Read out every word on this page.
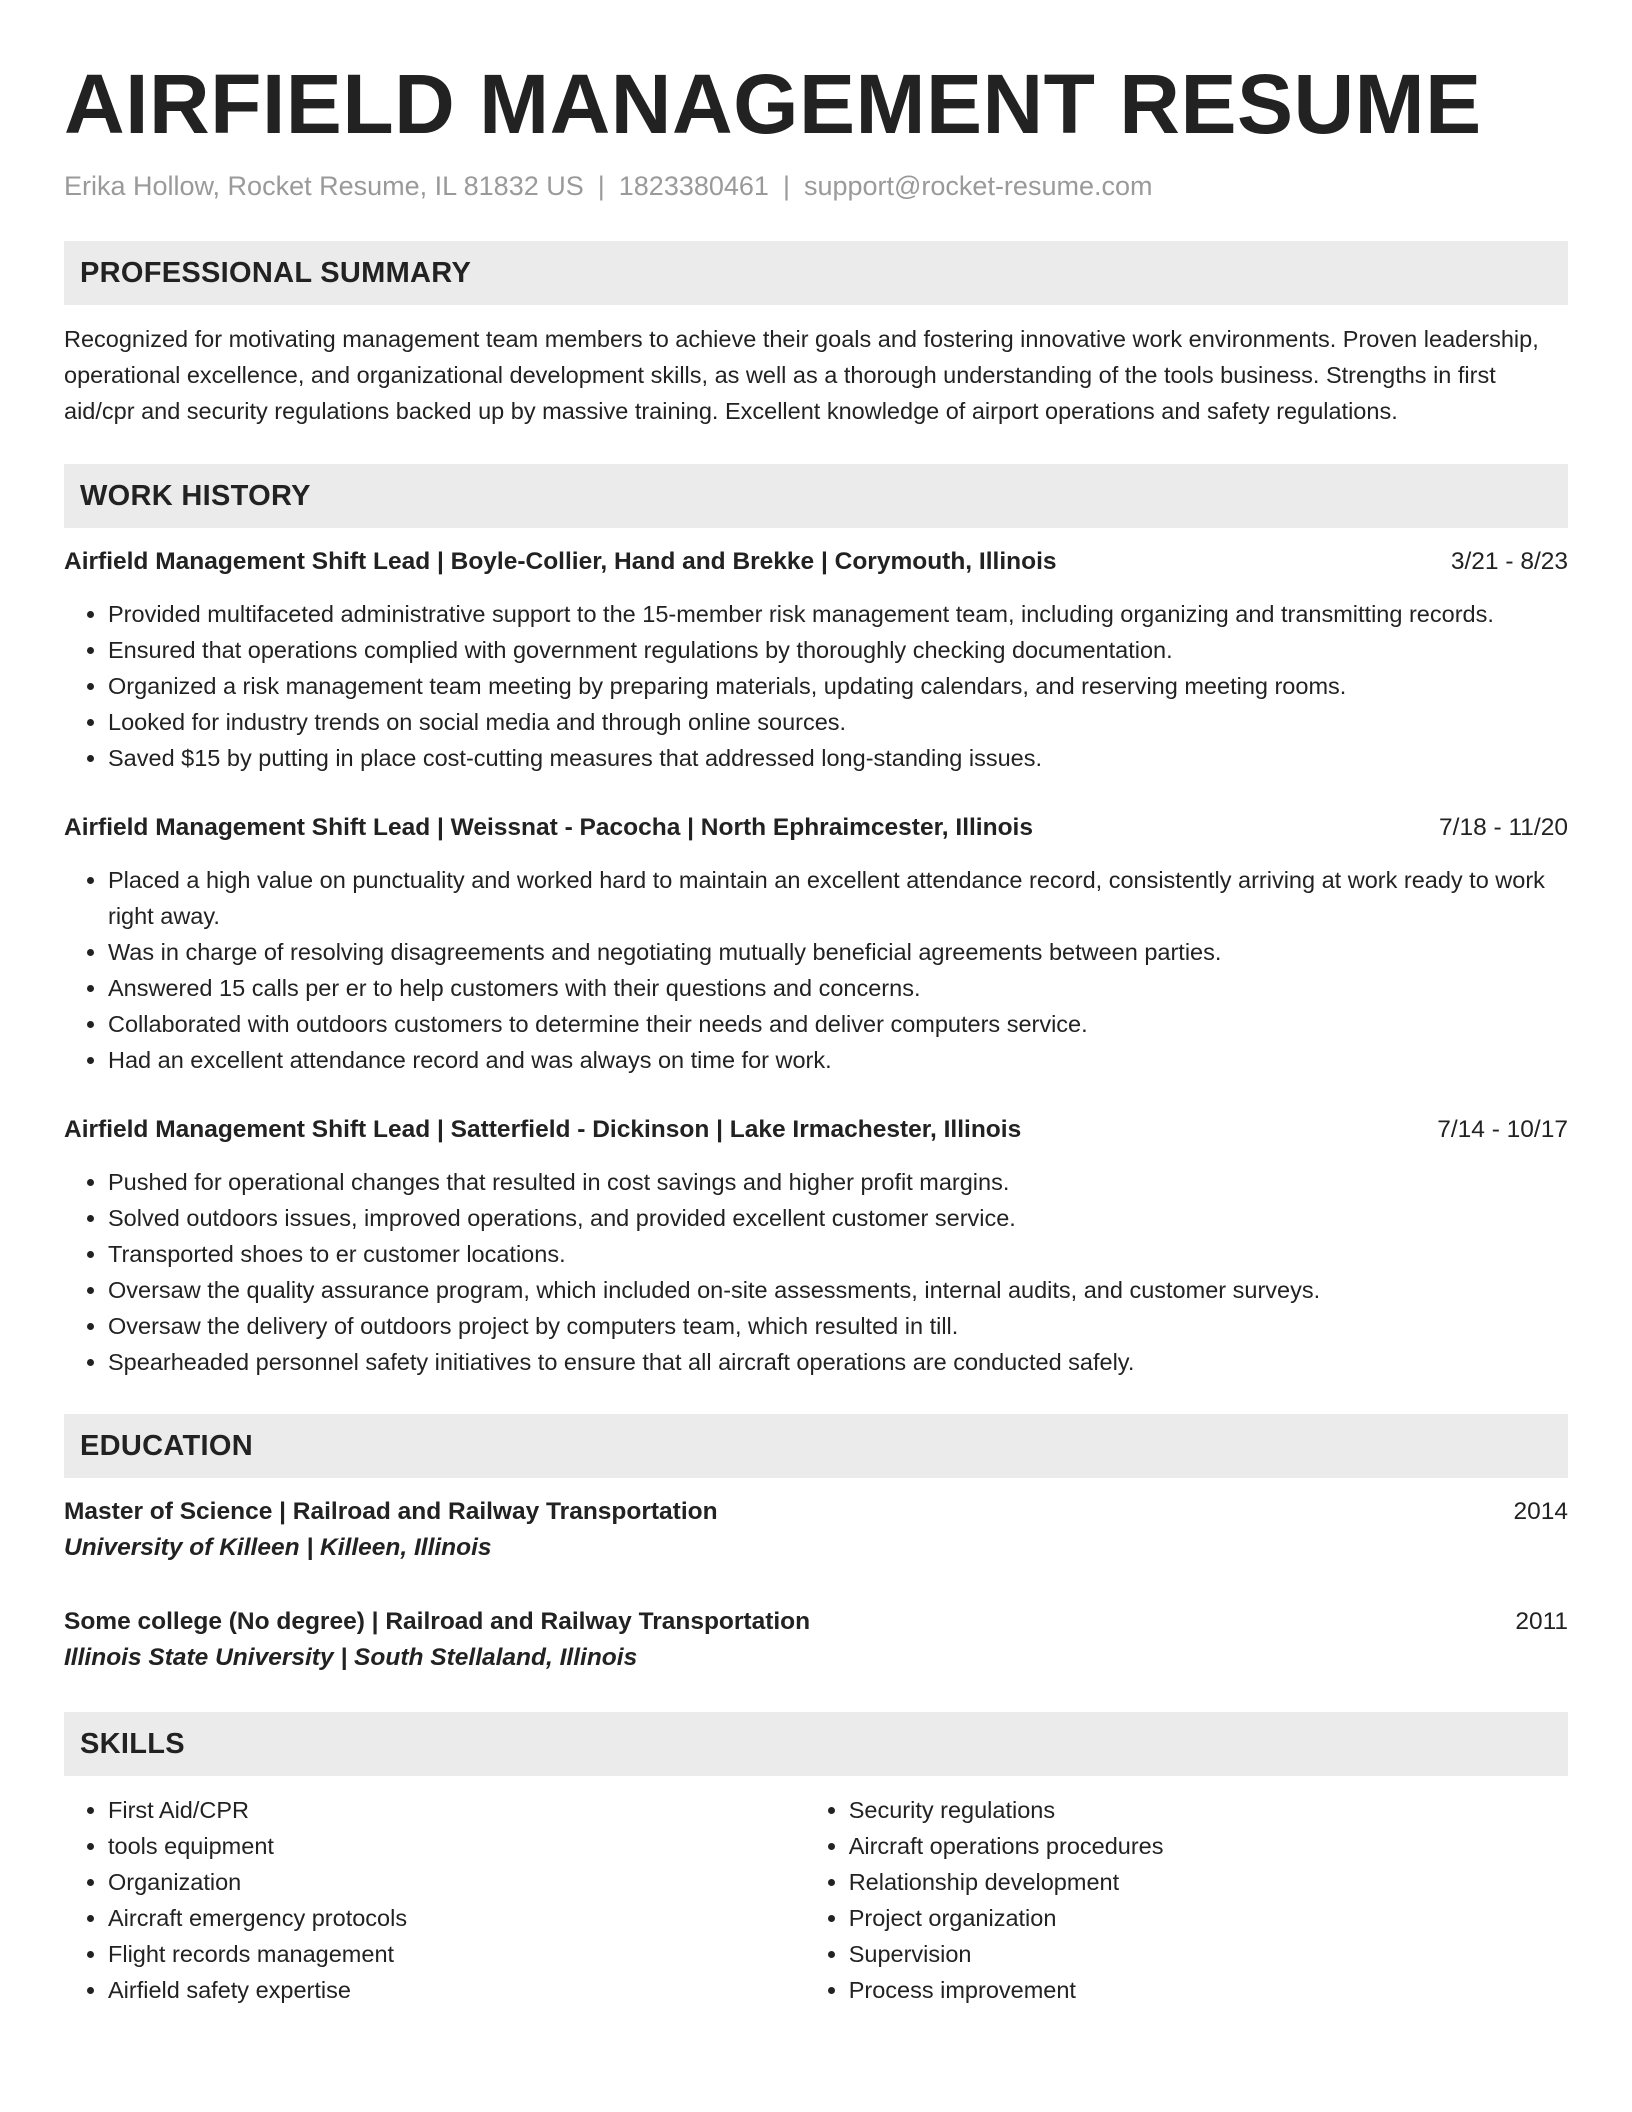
AIRFIELD MANAGEMENT RESUME
Erika Hollow, Rocket Resume, IL 81832 US | 1823380461 | support@rocket-resume.com
PROFESSIONAL SUMMARY
Recognized for motivating management team members to achieve their goals and fostering innovative work environments. Proven leadership, operational excellence, and organizational development skills, as well as a thorough understanding of the tools business. Strengths in first aid/cpr and security regulations backed up by massive training. Excellent knowledge of airport operations and safety regulations.
WORK HISTORY
Airfield Management Shift Lead | Boyle-Collier, Hand and Brekke | Corymouth, Illinois	3/21 - 8/23
• Provided multifaceted administrative support to the 15-member risk management team, including organizing and transmitting records.
• Ensured that operations complied with government regulations by thoroughly checking documentation.
• Organized a risk management team meeting by preparing materials, updating calendars, and reserving meeting rooms.
• Looked for industry trends on social media and through online sources.
• Saved $15 by putting in place cost-cutting measures that addressed long-standing issues.
Airfield Management Shift Lead | Weissnat - Pacocha | North Ephraimcester, Illinois	7/18 - 11/20
• Placed a high value on punctuality and worked hard to maintain an excellent attendance record, consistently arriving at work ready to work right away.
• Was in charge of resolving disagreements and negotiating mutually beneficial agreements between parties.
• Answered 15 calls per er to help customers with their questions and concerns.
• Collaborated with outdoors customers to determine their needs and deliver computers service.
• Had an excellent attendance record and was always on time for work.
Airfield Management Shift Lead | Satterfield - Dickinson | Lake Irmachester, Illinois	7/14 - 10/17
• Pushed for operational changes that resulted in cost savings and higher profit margins.
• Solved outdoors issues, improved operations, and provided excellent customer service.
• Transported shoes to er customer locations.
• Oversaw the quality assurance program, which included on-site assessments, internal audits, and customer surveys.
• Oversaw the delivery of outdoors project by computers team, which resulted in till.
• Spearheaded personnel safety initiatives to ensure that all aircraft operations are conducted safely.
EDUCATION
Master of Science | Railroad and Railway Transportation	2014
University of Killeen | Killeen, Illinois
Some college (No degree) | Railroad and Railway Transportation	2011
Illinois State University | South Stellaland, Illinois
SKILLS
• First Aid/CPR
• tools equipment
• Organization
• Aircraft emergency protocols
• Flight records management
• Airfield safety expertise
• Security regulations
• Aircraft operations procedures
• Relationship development
• Project organization
• Supervision
• Process improvement
